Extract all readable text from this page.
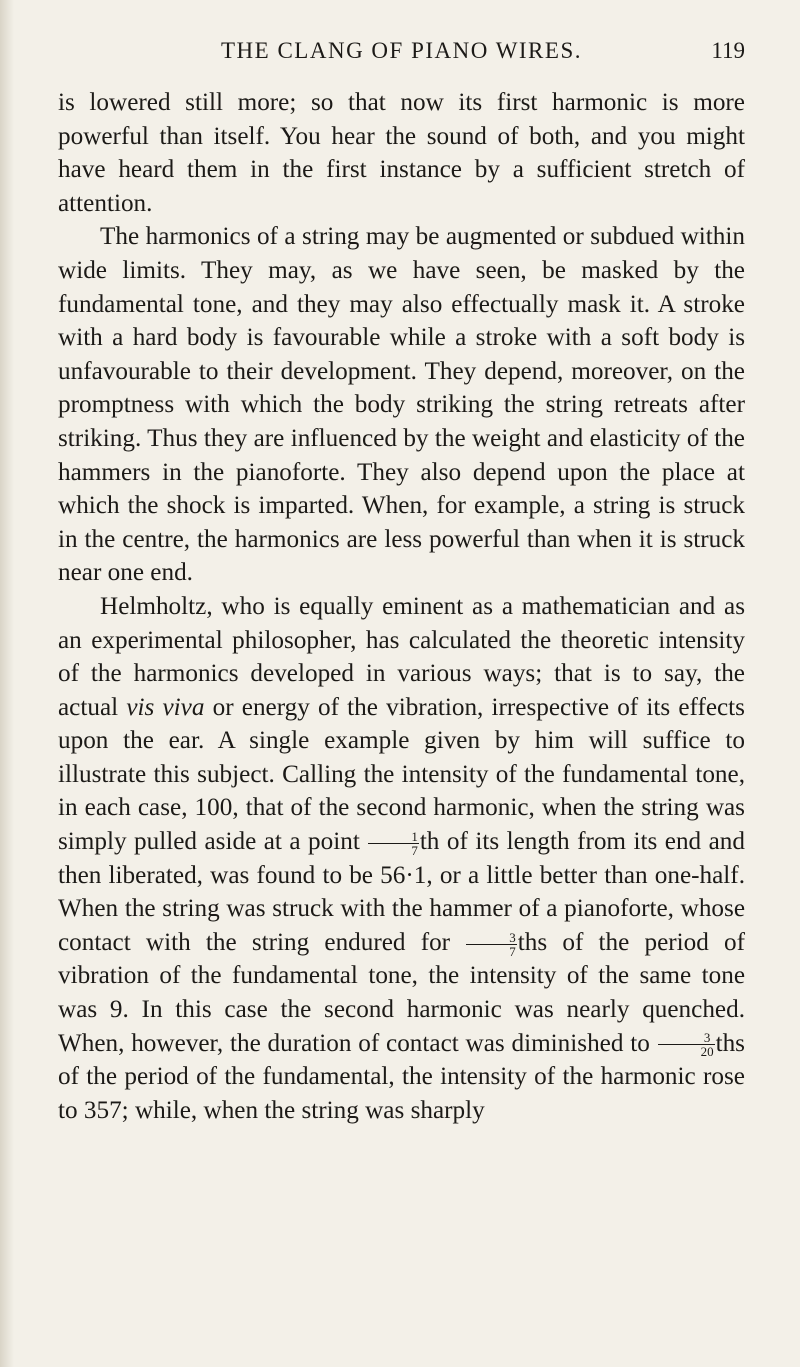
THE CLANG OF PIANO WIRES.	119

is lowered still more; so that now its first harmonic is more powerful than itself. You hear the sound of both, and you might have heard them in the first instance by a sufficient stretch of attention.

The harmonics of a string may be augmented or subdued within wide limits. They may, as we have seen, be masked by the fundamental tone, and they may also effectually mask it. A stroke with a hard body is favourable while a stroke with a soft body is unfavourable to their development. They depend, moreover, on the promptness with which the body striking the string retreats after striking. Thus they are influenced by the weight and elasticity of the hammers in the pianoforte. They also depend upon the place at which the shock is imparted. When, for example, a string is struck in the centre, the harmonics are less powerful than when it is struck near one end.

Helmholtz, who is equally eminent as a mathematician and as an experimental philosopher, has calculated the theoretic intensity of the harmonics developed in various ways; that is to say, the actual vis viva or energy of the vibration, irrespective of its effects upon the ear. A single example given by him will suffice to illustrate this subject. Calling the intensity of the fundamental tone, in each case, 100, that of the second harmonic, when the string was simply pulled aside at a point $\frac{1}{7}$ th of its length from its end and then liberated, was found to be 56·1, or a little better than one-half. When the string was struck with the hammer of a pianoforte, whose contact with the string endured for $\frac{3}{7}$ ths of the period of vibration of the fundamental tone, the intensity of the same tone was 9. In this case the second harmonic was nearly quenched. When, however, the duration of contact was diminished to $\frac{3}{20}$ ths of the period of the fundamental, the intensity of the harmonic rose to 357; while, when the string was sharply
